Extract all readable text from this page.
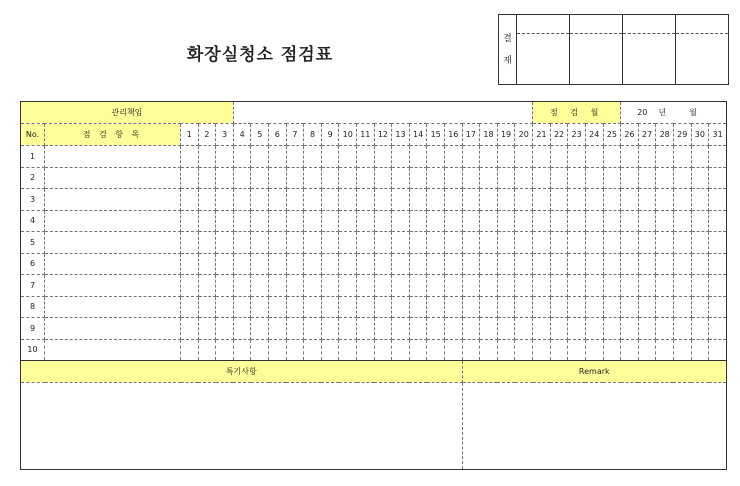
화장실청소 점검표
결
재

관리책임																						점 검 월					20 년 월					
No.	점 검 항 목	1	2	3	4	5	6	7	8	9	10	11	12	13	14	15	16	17	18	19	20	21	22	23	24	25	26	27	28	29	30	31
1																																
2																																
3																																
4																																
5																																
6																																
7																																
8																																
9																																
10																																
특기사항																		Remark														
